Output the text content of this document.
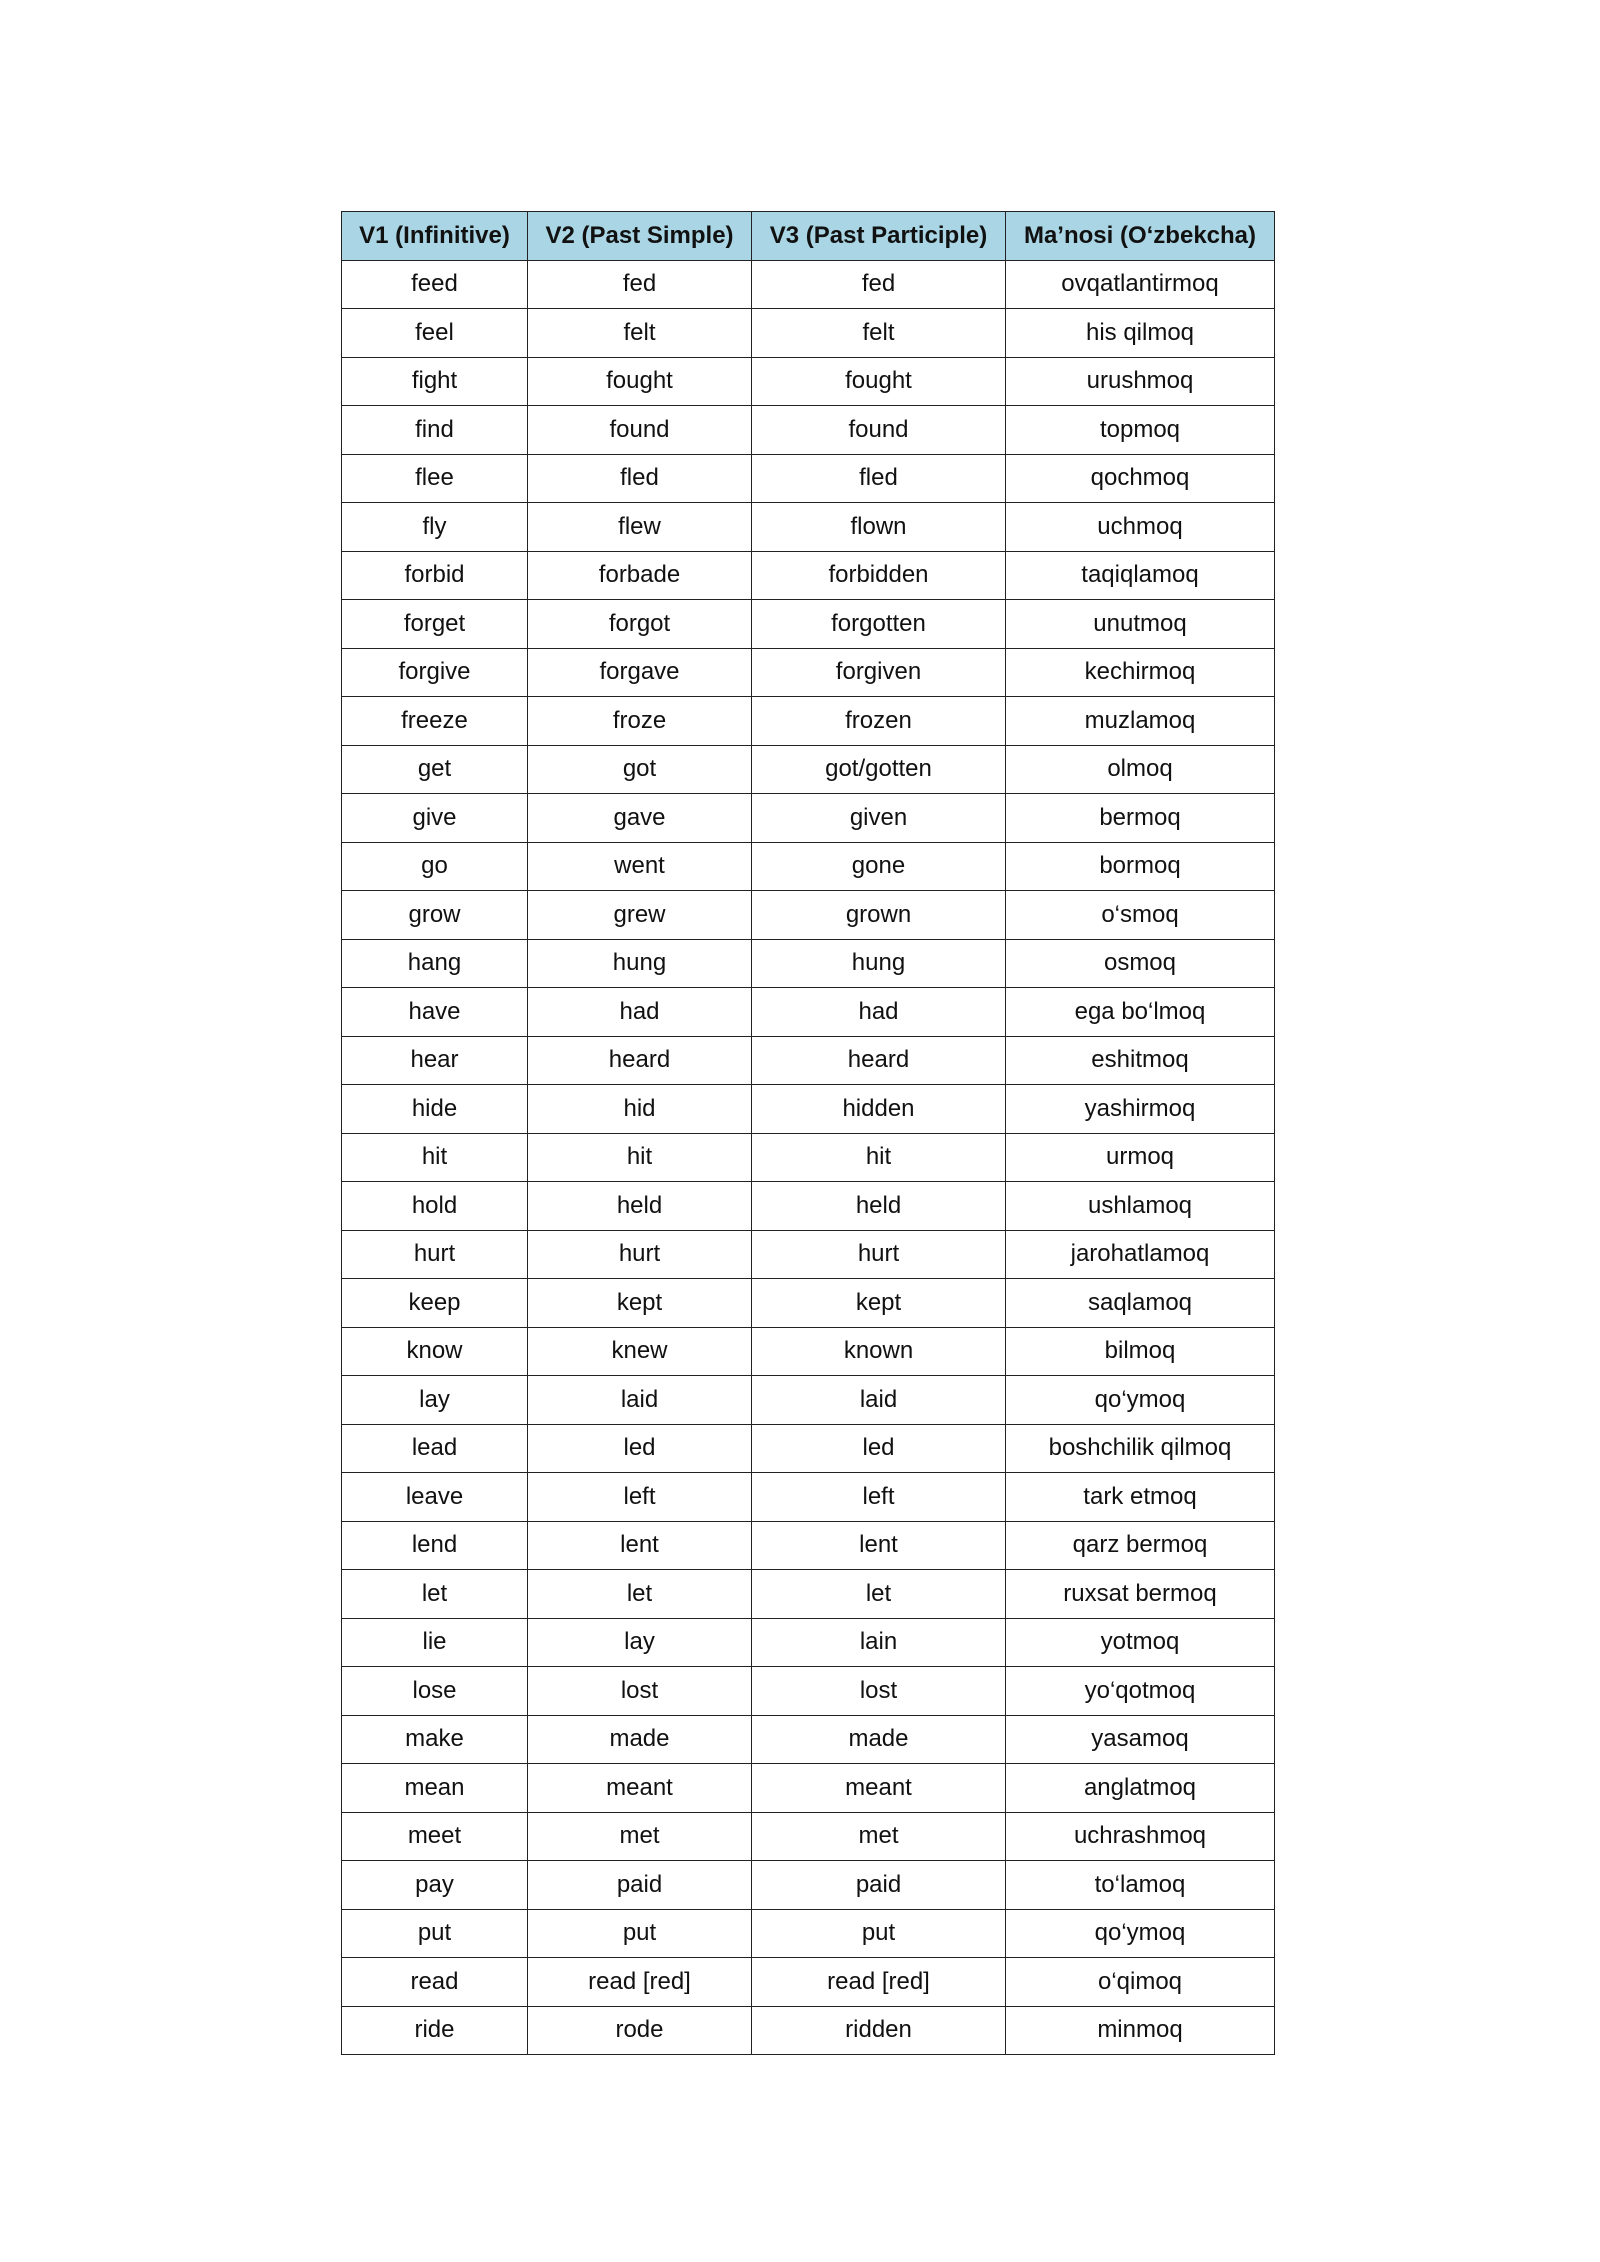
V1 (Infinitive)	V2 (Past Simple)	V3 (Past Participle)	Ma’nosi (O‘zbekcha)
feed	fed	fed	ovqatlantirmoq
feel	felt	felt	his qilmoq
fight	fought	fought	urushmoq
find	found	found	topmoq
flee	fled	fled	qochmoq
fly	flew	flown	uchmoq
forbid	forbade	forbidden	taqiqlamoq
forget	forgot	forgotten	unutmoq
forgive	forgave	forgiven	kechirmoq
freeze	froze	frozen	muzlamoq
get	got	got/gotten	olmoq
give	gave	given	bermoq
go	went	gone	bormoq
grow	grew	grown	o‘smoq
hang	hung	hung	osmoq
have	had	had	ega bo‘lmoq
hear	heard	heard	eshitmoq
hide	hid	hidden	yashirmoq
hit	hit	hit	urmoq
hold	held	held	ushlamoq
hurt	hurt	hurt	jarohatlamoq
keep	kept	kept	saqlamoq
know	knew	known	bilmoq
lay	laid	laid	qo‘ymoq
lead	led	led	boshchilik qilmoq
leave	left	left	tark etmoq
lend	lent	lent	qarz bermoq
let	let	let	ruxsat bermoq
lie	lay	lain	yotmoq
lose	lost	lost	yo‘qotmoq
make	made	made	yasamoq
mean	meant	meant	anglatmoq
meet	met	met	uchrashmoq
pay	paid	paid	to‘lamoq
put	put	put	qo‘ymoq
read	read [red]	read [red]	o‘qimoq
ride	rode	ridden	minmoq
